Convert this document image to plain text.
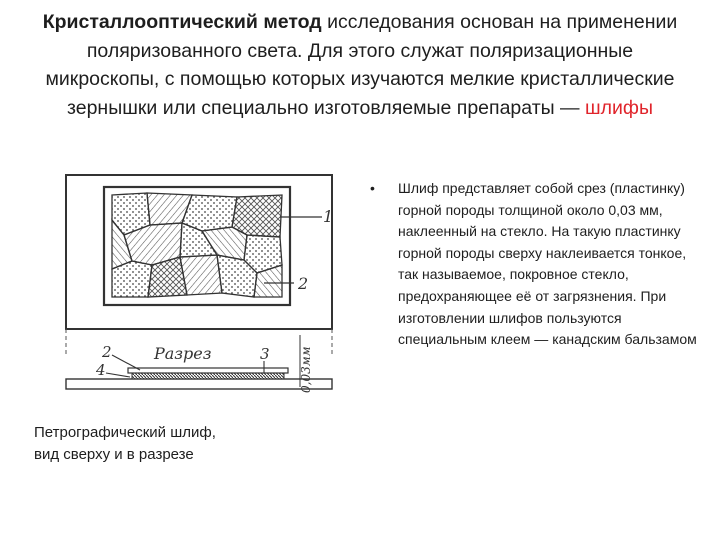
Кристаллооптический метод исследования основан на применении поляризованного света. Для этого служат поляризационные микроскопы, с помощью которых изучаются мелкие кристаллические зернышки или специально изготовляемые препараты — шлифы
1
2
2	Разрез	3
4	0,03мм
Петрографический шлиф,
вид сверху и в разрезе
• Шлиф представляет собой срез (пластинку) горной породы толщиной около 0,03 мм, наклеенный на стекло. На такую пластинку горной породы сверху наклеивается тонкое, так называемое, покровное стекло, предохраняющее её от загрязнения. При изготовлении шлифов пользуются специальным клеем — канадским бальзамом
